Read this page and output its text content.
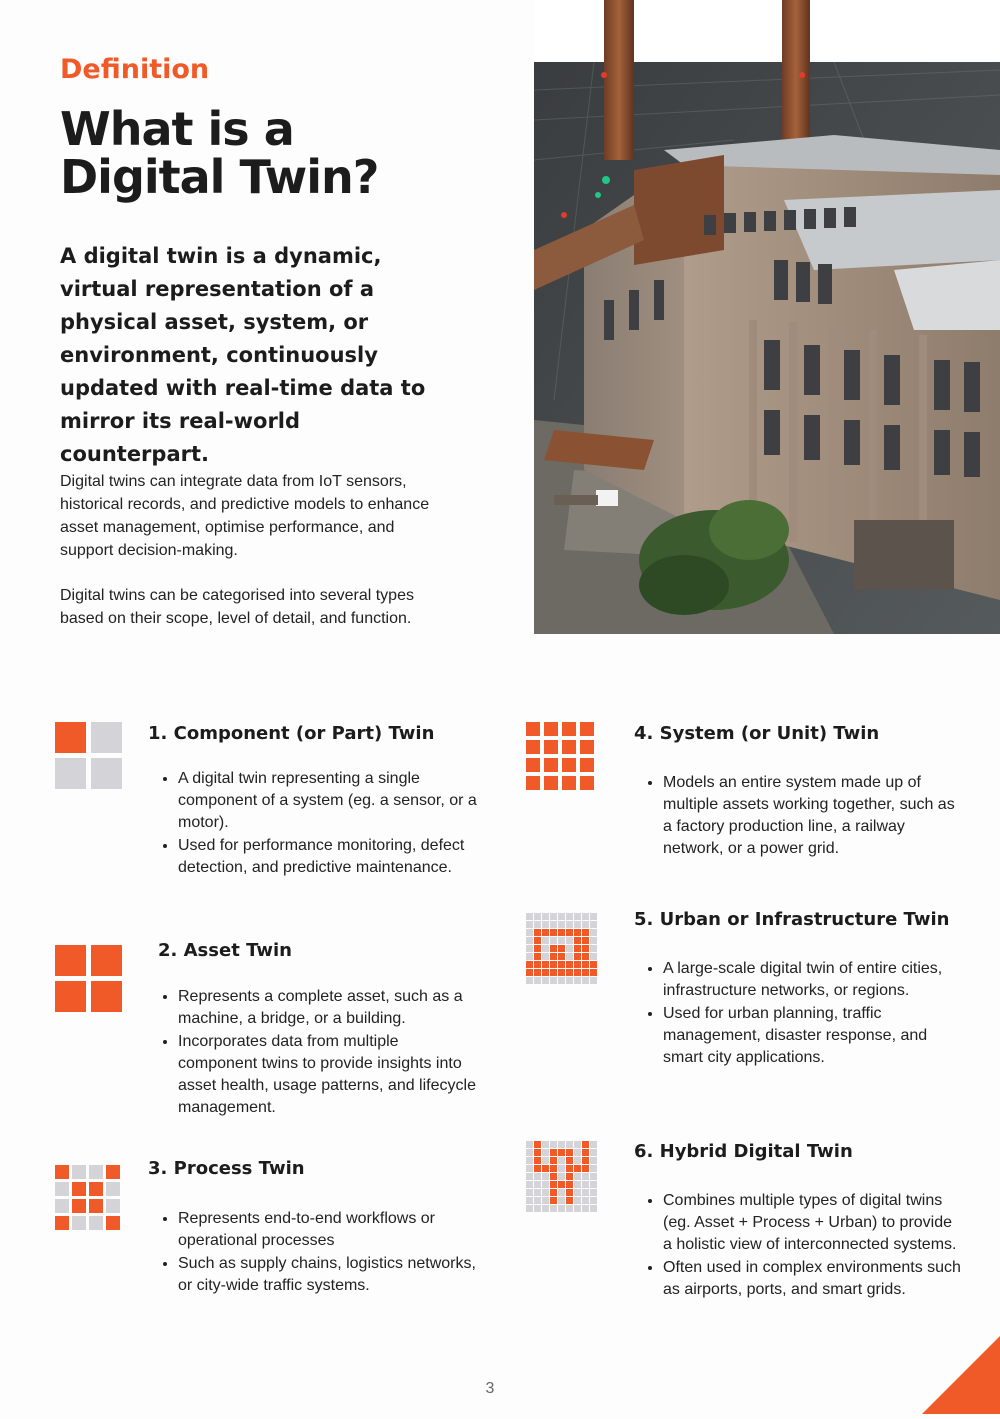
Definition
What is a Digital Twin?
A digital twin is a dynamic, virtual representation of a physical asset, system, or environment, continuously updated with real-time data to mirror its real-world counterpart.
Digital twins can integrate data from IoT sensors, historical records, and predictive models to enhance asset management, optimise performance, and support decision-making.
Digital twins can be categorised into several types based on their scope, level of detail, and function.
1. Component (or Part) Twin
• A digital twin representing a single component of a system (eg. a sensor, or a motor).
• Used for performance monitoring, defect detection, and predictive maintenance.
2. Asset Twin
• Represents a complete asset, such as a machine, a bridge, or a building.
• Incorporates data from multiple component twins to provide insights into asset health, usage patterns, and lifecycle management.
3. Process Twin
• Represents end-to-end workflows or operational processes
• Such as supply chains, logistics networks, or city-wide traffic systems.
4. System (or Unit) Twin
• Models an entire system made up of multiple assets working together, such as a factory production line, a railway network, or a power grid.
5. Urban or Infrastructure Twin
• A large-scale digital twin of entire cities, infrastructure networks, or regions.
• Used for urban planning, traffic management, disaster response, and smart city applications.
6. Hybrid Digital Twin
• Combines multiple types of digital twins (eg. Asset + Process + Urban) to provide a holistic view of interconnected systems.
• Often used in complex environments such as airports, ports, and smart grids.
3
